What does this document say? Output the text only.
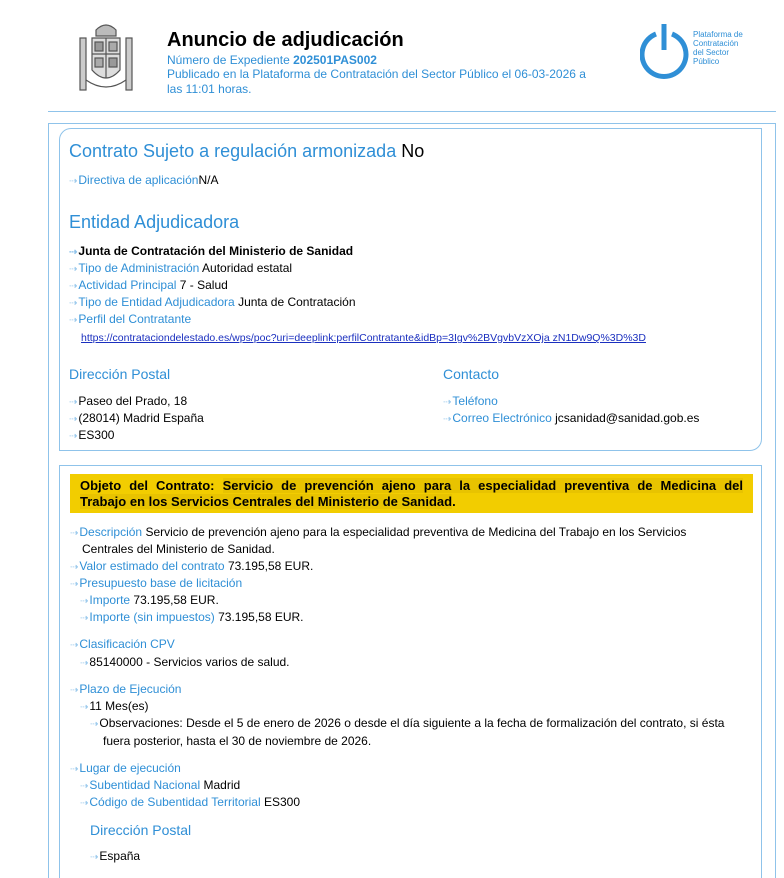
Anuncio de adjudicación
Número de Expediente 202501PAS002
Publicado en la Plataforma de Contratación del Sector Público el 06-03-2026 a
las 11:01 horas.
Plataforma de
Contratación
del Sector
Público
Contrato Sujeto a regulación armonizada No
⇢Directiva de aplicaciónN/A
Entidad Adjudicadora
⇢Junta de Contratación del Ministerio de Sanidad
⇢Tipo de Administración Autoridad estatal
⇢Actividad Principal 7 - Salud
⇢Tipo de Entidad Adjudicadora Junta de Contratación
⇢Perfil del Contratante
https://contrataciondelestado.es/wps/poc?uri=deeplink:perfilContratante&idBp=3Igv%2BVgvbVzXOja zN1Dw9Q%3D%3D
Dirección Postal
⇢Paseo del Prado, 18
⇢(28014) Madrid España
⇢ES300
Contacto
⇢Teléfono
⇢Correo Electrónico jcsanidad@sanidad.gob.es
Objeto del Contrato: Servicio de prevención ajeno para la especialidad preventiva de Medicina del
Trabajo en los Servicios Centrales del Ministerio de Sanidad.
⇢Descripción Servicio de prevención ajeno para la especialidad preventiva de Medicina del Trabajo en los Servicios
Centrales del Ministerio de Sanidad.
⇢Valor estimado del contrato 73.195,58 EUR.
⇢Presupuesto base de licitación
⇢Importe 73.195,58 EUR.
⇢Importe (sin impuestos) 73.195,58 EUR.
⇢Clasificación CPV
⇢85140000 - Servicios varios de salud.
⇢Plazo de Ejecución
⇢11 Mes(es)
⇢Observaciones: Desde el 5 de enero de 2026 o desde el día siguiente a la fecha de formalización del contrato, si ésta
fuera posterior, hasta el 30 de noviembre de 2026.
⇢Lugar de ejecución
⇢Subentidad Nacional Madrid
⇢Código de Subentidad Territorial ES300
Dirección Postal
⇢España
